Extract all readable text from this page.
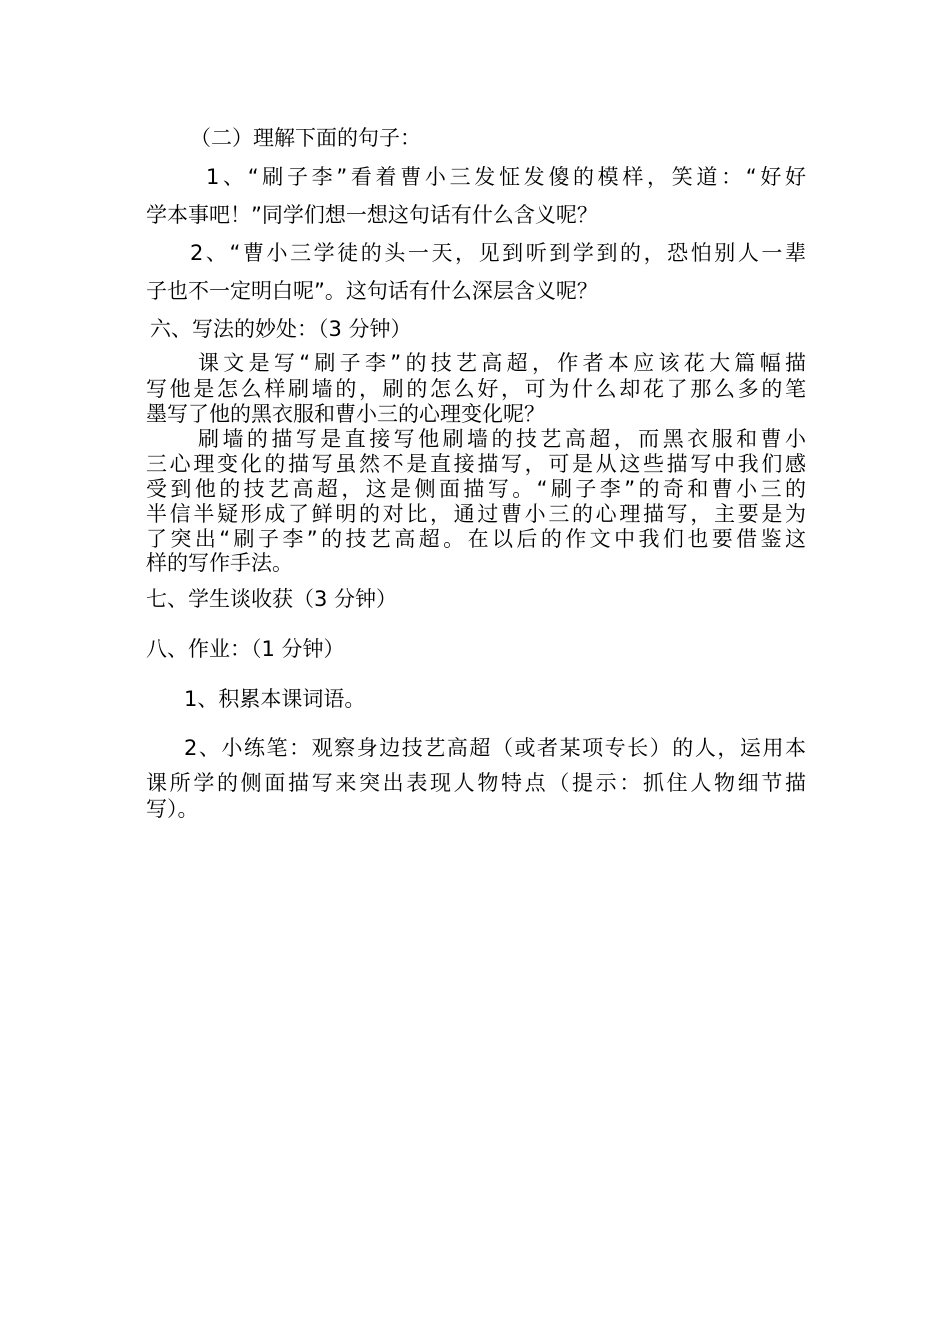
（二）理解下面的句子：
1、“刷子李”看着曹小三发怔发傻的模样，笑道：“好好
学本事吧！”同学们想一想这句话有什么含义呢？
2、“曹小三学徒的头一天，见到听到学到的，恐怕别人一辈
子也不一定明白呢”。这句话有什么深层含义呢？
六、写法的妙处：（3 分钟）
课文是写“刷子李”的技艺高超，作者本应该花大篇幅描
写他是怎么样刷墙的，刷的怎么好，可为什么却花了那么多的笔
墨写了他的黑衣服和曹小三的心理变化呢？
刷墙的描写是直接写他刷墙的技艺高超，而黑衣服和曹小
三心理变化的描写虽然不是直接描写，可是从这些描写中我们感
受到他的技艺高超，这是侧面描写。“刷子李”的奇和曹小三的
半信半疑形成了鲜明的对比，通过曹小三的心理描写，主要是为
了突出“刷子李”的技艺高超。在以后的作文中我们也要借鉴这
样的写作手法。
七、学生谈收获（3 分钟）
八、作业：（1 分钟）
1、积累本课词语。
2、小练笔：观察身边技艺高超（或者某项专长）的人，运用本
课所学的侧面描写来突出表现人物特点（提示：抓住人物细节描
写）。
